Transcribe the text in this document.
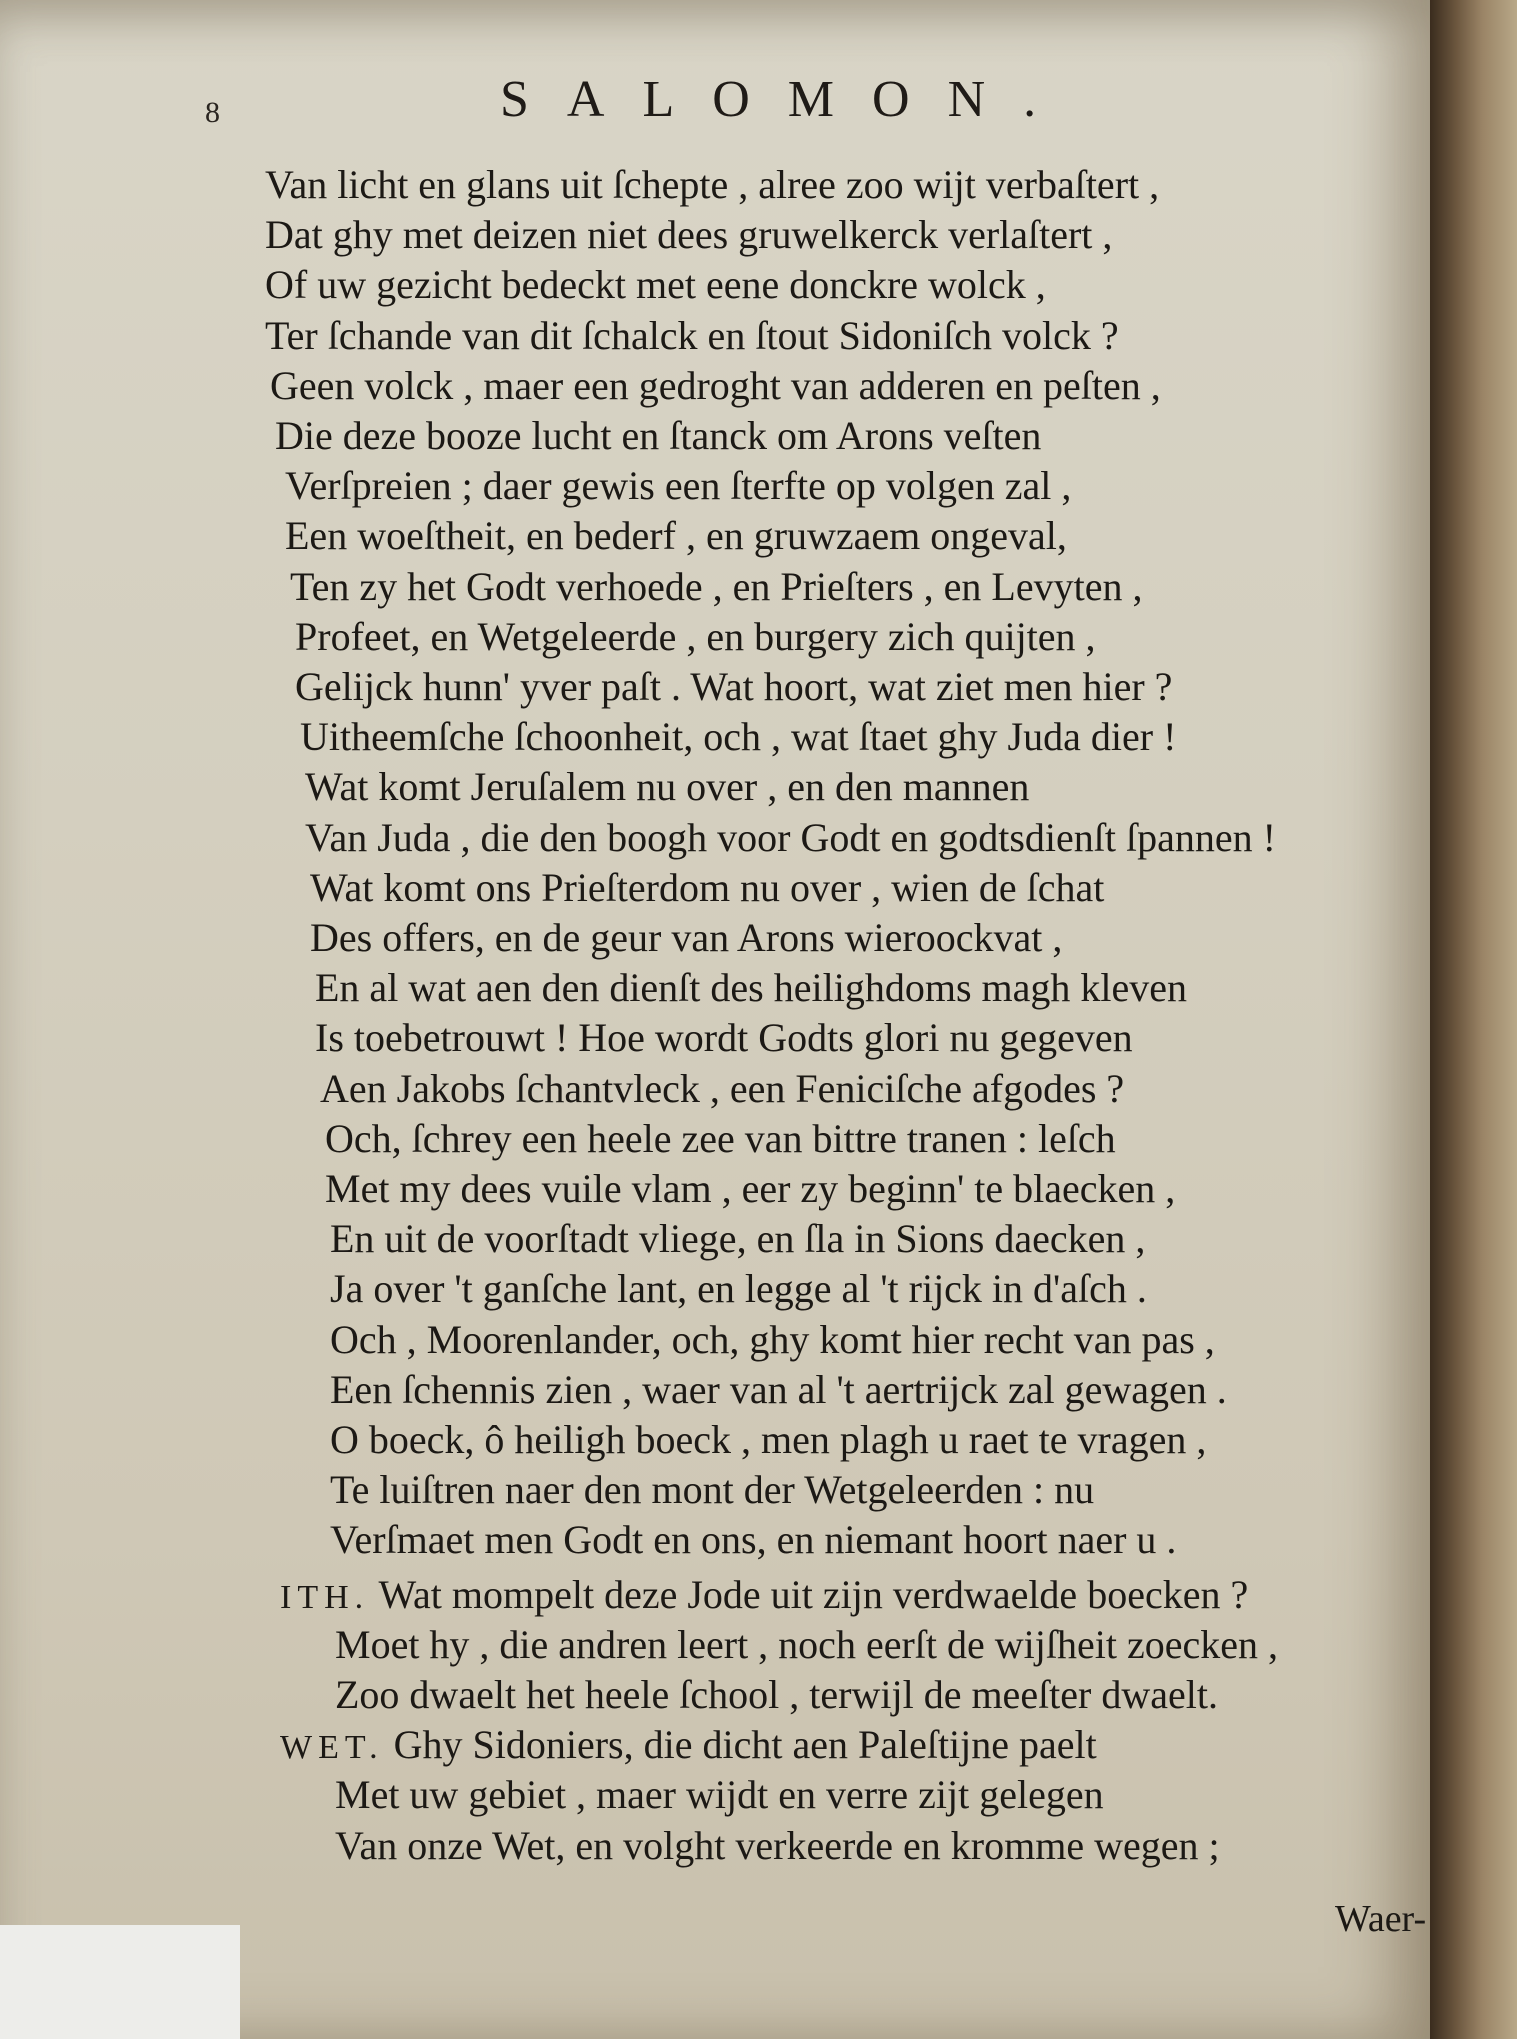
8	SALOMON.
Van licht en glans uit ſchepte , alree zoo wijt verbaſtert ,
Dat ghy met deizen niet dees gruwelkerck verlaſtert ,
Of uw gezicht bedeckt met eene donckre wolck ,
Ter ſchande van dit ſchalck en ſtout Sidoniſch volck ?
Geen volck , maer een gedroght van adderen en peſten ,
Die deze booze lucht en ſtanck om Arons veſten
Verſpreien ; daer gewis een ſterfte op volgen zal ,
Een woeſtheit, en bederf , en gruwzaem ongeval,
Ten zy het Godt verhoede , en Prieſters , en Levyten ,
Profeet, en Wetgeleerde , en burgery zich quijten ,
Gelijck hunn' yver paſt . Wat hoort, wat ziet men hier ?
Uitheemſche ſchoonheit, och , wat ſtaet ghy Juda dier !
Wat komt Jeruſalem nu over , en den mannen
Van Juda , die den boogh voor Godt en godtsdienſt ſpannen !
Wat komt ons Prieſterdom nu over , wien de ſchat
Des offers, en de geur van Arons wieroockvat ,
En al wat aen den dienſt des heilighdoms magh kleven
Is toebetrouwt ! Hoe wordt Godts glori nu gegeven
Aen Jakobs ſchantvleck , een Feniciſche afgodes ?
Och, ſchrey een heele zee van bittre tranen : leſch
Met my dees vuile vlam , eer zy beginn' te blaecken ,
En uit de voorſtadt vliege, en ſla in Sions daecken ,
Ja over 't ganſche lant, en legge al 't rijck in d'aſch .
Och , Moorenlander, och, ghy komt hier recht van pas ,
Een ſchennis zien , waer van al 't aertrijck zal gewagen .
O boeck, ô heiligh boeck , men plagh u raet te vragen ,
Te luiſtren naer den mont der Wetgeleerden : nu
Verſmaet men Godt en ons, en niemant hoort naer u .
ITH. Wat mompelt deze Jode uit zijn verdwaelde boecken ?
Moet hy , die andren leert , noch eerſt de wijſheit zoecken ,
Zoo dwaelt het heele ſchool , terwijl de meeſter dwaelt.
WET. Ghy Sidoniers, die dicht aen Paleſtijne paelt
Met uw gebiet , maer wijdt en verre zijt gelegen
Van onze Wet, en volght verkeerde en kromme wegen ;
Waer-
